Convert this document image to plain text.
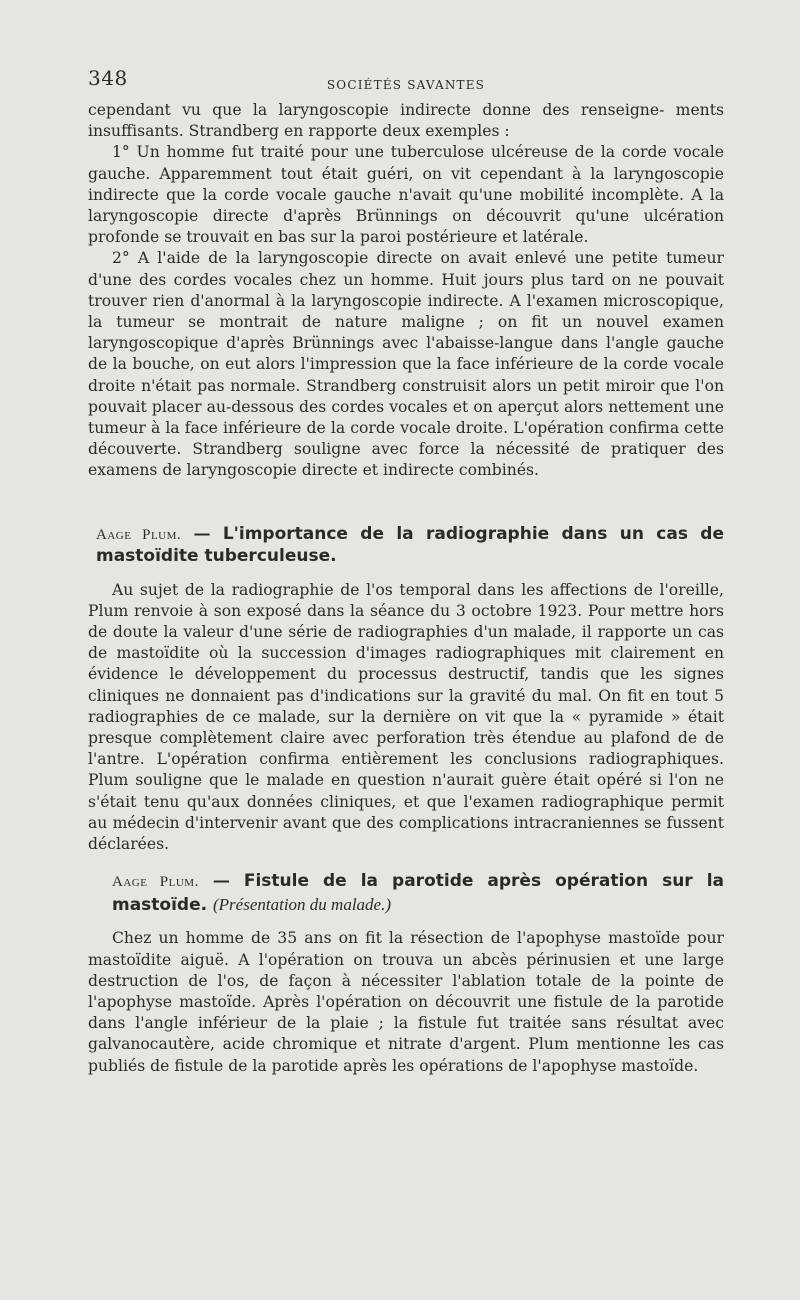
348	SOCIÉTÉS SAVANTES

cependant vu que la laryngoscopie indirecte donne des renseigne- ments insuffisants. Strandberg en rapporte deux exemples :

1° Un homme fut traité pour une tuberculose ulcéreuse de la corde vocale gauche. Apparemment tout était guéri, on vit cependant à la laryngoscopie indirecte que la corde vocale gauche n'avait qu'une mobilité incomplète. A la laryngoscopie directe d'après Brünnings on découvrit qu'une ulcération profonde se trouvait en bas sur la paroi postérieure et latérale.

2° A l'aide de la laryngoscopie directe on avait enlevé une petite tumeur d'une des cordes vocales chez un homme. Huit jours plus tard on ne pouvait trouver rien d'anormal à la laryngoscopie indirecte. A l'examen microscopique, la tumeur se montrait de nature maligne ; on fit un nouvel examen laryngoscopique d'après Brünnings avec l'abaisse-langue dans l'angle gauche de la bouche, on eut alors l'impression que la face inférieure de la corde vocale droite n'était pas normale. Strandberg construisit alors un petit miroir que l'on pouvait placer au-dessous des cordes vocales et on aperçut alors nettement une tumeur à la face inférieure de la corde vocale droite. L'opération confirma cette découverte. Strandberg souligne avec force la nécessité de pratiquer des examens de laryngoscopie directe et indirecte combinés.

Aage Plum. — L'importance de la radiographie dans un cas de mastoïdite tuberculeuse.

Au sujet de la radiographie de l'os temporal dans les affections de l'oreille, Plum renvoie à son exposé dans la séance du 3 octobre 1923. Pour mettre hors de doute la valeur d'une série de radiographies d'un malade, il rapporte un cas de mastoïdite où la succession d'images radiographiques mit clairement en évidence le développement du processus destructif, tandis que les signes cliniques ne donnaient pas d'indications sur la gravité du mal. On fit en tout 5 radiographies de ce malade, sur la dernière on vit que la « pyramide » était presque complètement claire avec perforation très étendue au plafond de de l'antre. L'opération confirma entièrement les conclusions radiographiques. Plum souligne que le malade en question n'aurait guère était opéré si l'on ne s'était tenu qu'aux données cliniques, et que l'examen radiographique permit au médecin d'intervenir avant que des complications intracraniennes se fussent déclarées.

Aage Plum. — Fistule de la parotide après opération sur la mastoïde. (Présentation du malade.)

Chez un homme de 35 ans on fit la résection de l'apophyse mastoïde pour mastoïdite aiguë. A l'opération on trouva un abcès périnusien et une large destruction de l'os, de façon à nécessiter l'ablation totale de la pointe de l'apophyse mastoïde. Après l'opération on découvrit une fistule de la parotide dans l'angle inférieur de la plaie ; la fistule fut traitée sans résultat avec galvanocautère, acide chromique et nitrate d'argent. Plum mentionne les cas publiés de fistule de la parotide après les opérations de l'apophyse mastoïde.
